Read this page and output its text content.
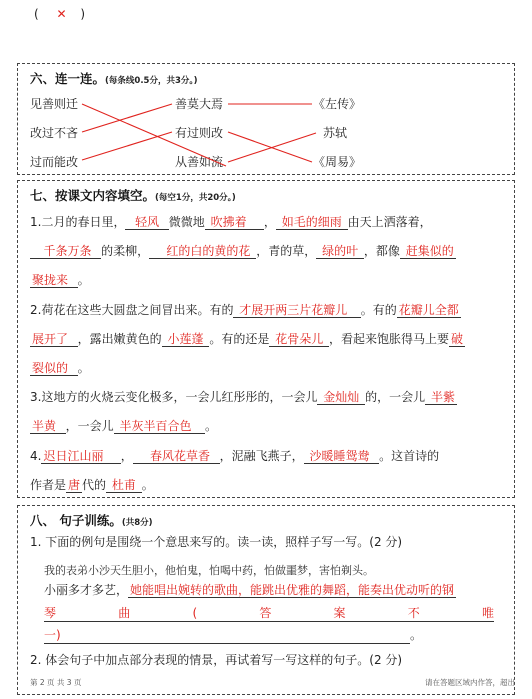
( ✕ )
六、连一连。(每条线0.5分，共3分。)
见善则迁
改过不吝
过而能改
善莫大焉
有过则改
从善如流
《左传》
苏轼
《周易》
七、按课文内容填空。(每空1分，共20分。)
1.二月的春日里， 轻风 微微地 吹拂着 ， 如毛的细雨 由天上洒落着，
千条万条 的柔柳， 红的白的黄的花 ，青的草， 绿的叶 ，都像 赶集似的
聚拢来 。
2.荷花在这些大圆盘之间冒出来。有的 才展开两三片花瓣儿 。有的 花瓣儿全都
展开了 ，露出嫩黄色的 小莲蓬 。有的还是 花骨朵儿 ，看起来饱胀得马上要 破
裂似的 。
3.这地方的火烧云变化极多，一会儿红彤彤的，一会儿 金灿灿 的，一会儿 半紫
半黄 ，一会儿 半灰半百合色 。
4. 迟日江山丽 ， 春风花草香 ，泥融飞燕子， 沙暖睡鸳鸯 。这首诗的
作者是 唐 代的 杜甫 。
八、 句子训练。(共8分)
1. 下面的例句是围绕一个意思来写的。读一读，照样子写一写。(2 分)
我的表弟小沙天生胆小，他怕鬼，怕喝中药，怕做噩梦，害怕剃头。
小丽多才多艺， 她能唱出婉转的歌曲，能跳出优雅的舞蹈，能奏出优动听的钢
琴	曲	(	答	案	不	唯
一)	。
2. 体会句子中加点部分表现的情景，再试着写一写这样的句子。(2 分)
第 2 页 共 3 页	请在答题区域内作答，超出
